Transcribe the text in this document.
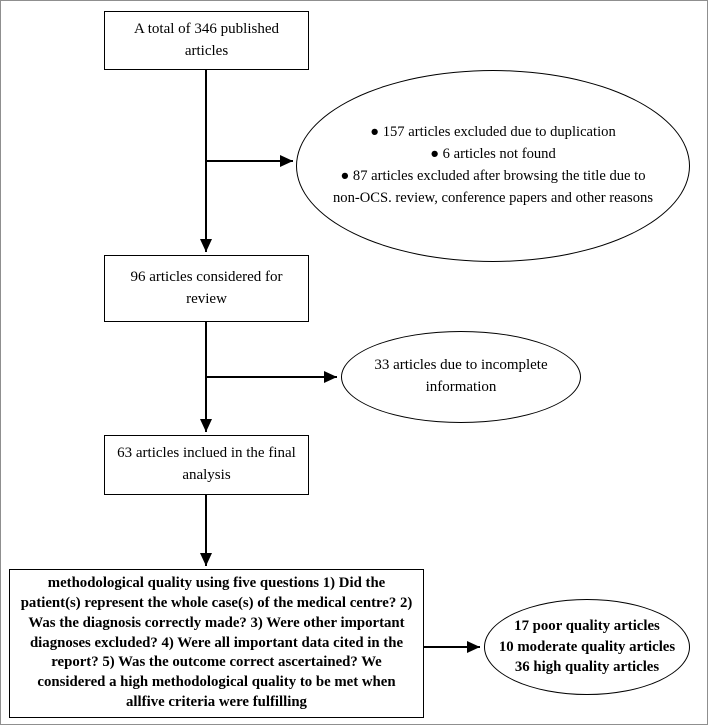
A total of 346 published articles
96 articles considered for review
63 articles inclued in the final analysis
methodological quality using five questions 1) Did the patient(s) represent the whole case(s) of the medical centre? 2) Was the diagnosis correctly made? 3) Were other important diagnoses excluded? 4) Were all important data cited in the report? 5) Was the outcome correct ascertained? We considered a high methodological quality to be met when allfive criteria were fulfilling
● 157 articles excluded due to duplication
● 6 articles not found
● 87 articles excluded after browsing the title due to non-OCS. review, conference papers and other reasons
33 articles due to incomplete information
17 poor quality articles
10 moderate quality articles
36 high quality articles
